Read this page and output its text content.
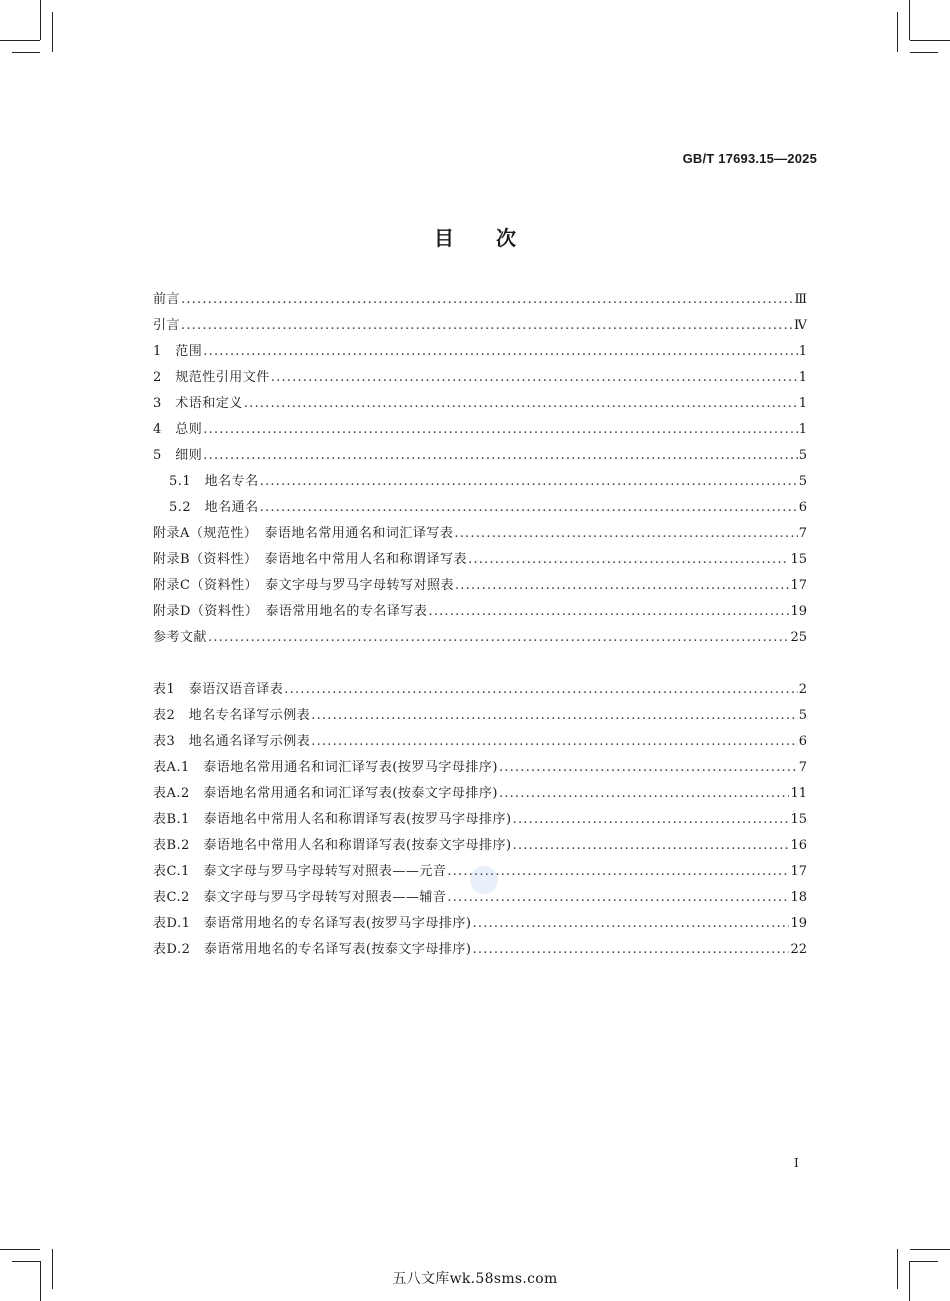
GB/T 17693.15—2025
目次
前言 .....	Ⅲ
引言 .....	Ⅳ
1　范围 .....	1
2　规范性引用文件 .....	1
3　术语和定义 .....	1
4　总则 .....	1
5　细则 .....	5
5.1　地名专名 .....	5
5.2　地名通名 .....	6
附录A（规范性）　泰语地名常用通名和词汇译写表 .....	7
附录B（资料性）　泰语地名中常用人名和称谓译写表 .....	15
附录C（资料性）　泰文字母与罗马字母转写对照表 .....	17
附录D（资料性）　泰语常用地名的专名译写表 .....	19
参考文献 .....	25
表1　泰语汉语音译表 .....	2
表2　地名专名译写示例表 .....	5
表3　地名通名译写示例表 .....	6
表A.1　泰语地名常用通名和词汇译写表(按罗马字母排序) .....	7
表A.2　泰语地名常用通名和词汇译写表(按泰文字母排序) .....	11
表B.1　泰语地名中常用人名和称谓译写表(按罗马字母排序) .....	15
表B.2　泰语地名中常用人名和称谓译写表(按泰文字母排序) .....	16
表C.1　泰文字母与罗马字母转写对照表——元音 .....	17
表C.2　泰文字母与罗马字母转写对照表——辅音 .....	18
表D.1　泰语常用地名的专名译写表(按罗马字母排序) .....	19
表D.2　泰语常用地名的专名译写表(按泰文字母排序) .....	22
I
五八文库wk.58sms.com
